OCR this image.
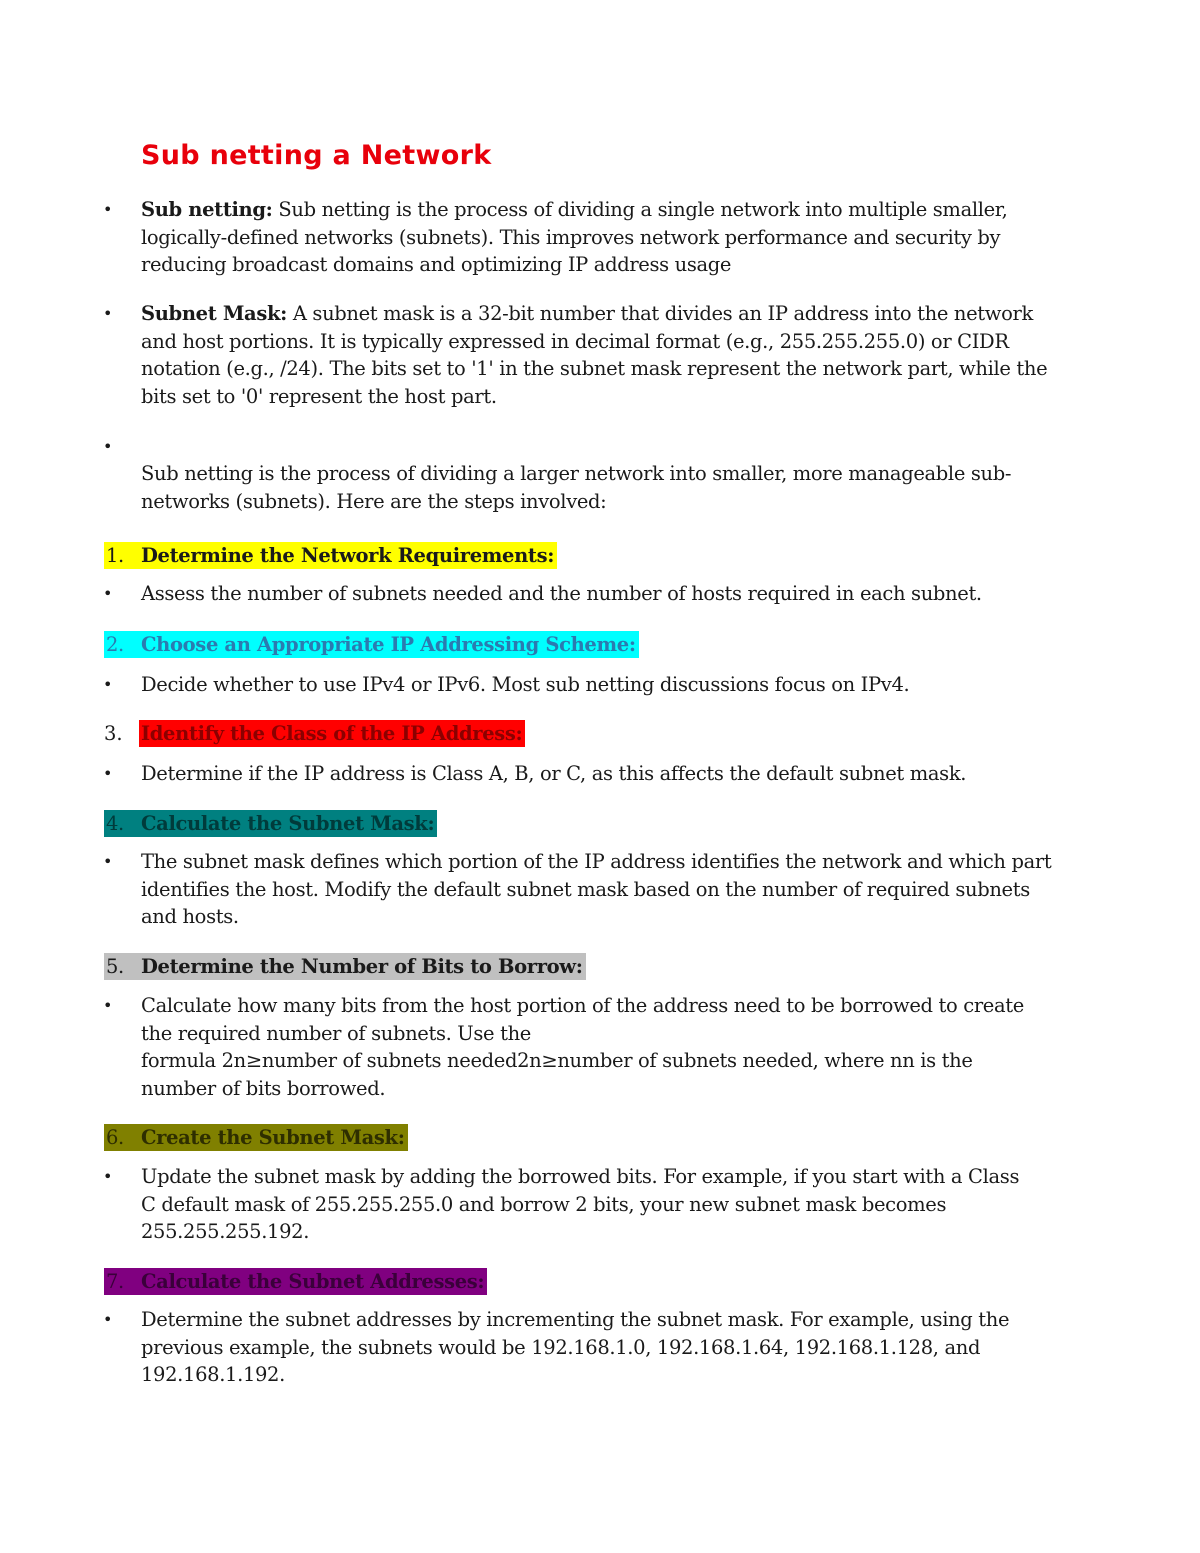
Sub netting a Network
• Sub netting: Sub netting is the process of dividing a single network into multiple smaller, logically-defined networks (subnets). This improves network performance and security by reducing broadcast domains and optimizing IP address usage
• Subnet Mask: A subnet mask is a 32-bit number that divides an IP address into the network and host portions. It is typically expressed in decimal format (e.g., 255.255.255.0) or CIDR notation (e.g., /24). The bits set to '1' in the subnet mask represent the network part, while the bits set to '0' represent the host part.
•
Sub netting is the process of dividing a larger network into smaller, more manageable sub-networks (subnets). Here are the steps involved:
1. Determine the Network Requirements:
• Assess the number of subnets needed and the number of hosts required in each subnet.
2. Choose an Appropriate IP Addressing Scheme:
• Decide whether to use IPv4 or IPv6. Most sub netting discussions focus on IPv4.
3. Identify the Class of the IP Address:
• Determine if the IP address is Class A, B, or C, as this affects the default subnet mask.
4. Calculate the Subnet Mask:
• The subnet mask defines which portion of the IP address identifies the network and which part identifies the host. Modify the default subnet mask based on the number of required subnets and hosts.
5. Determine the Number of Bits to Borrow:
• Calculate how many bits from the host portion of the address need to be borrowed to create the required number of subnets. Use the
formula 2n≥number of subnets needed2n≥number of subnets needed, where nn is the number of bits borrowed.
6. Create the Subnet Mask:
• Update the subnet mask by adding the borrowed bits. For example, if you start with a Class C default mask of 255.255.255.0 and borrow 2 bits, your new subnet mask becomes 255.255.255.192.
7. Calculate the Subnet Addresses:
• Determine the subnet addresses by incrementing the subnet mask. For example, using the previous example, the subnets would be 192.168.1.0, 192.168.1.64, 192.168.1.128, and 192.168.1.192.
